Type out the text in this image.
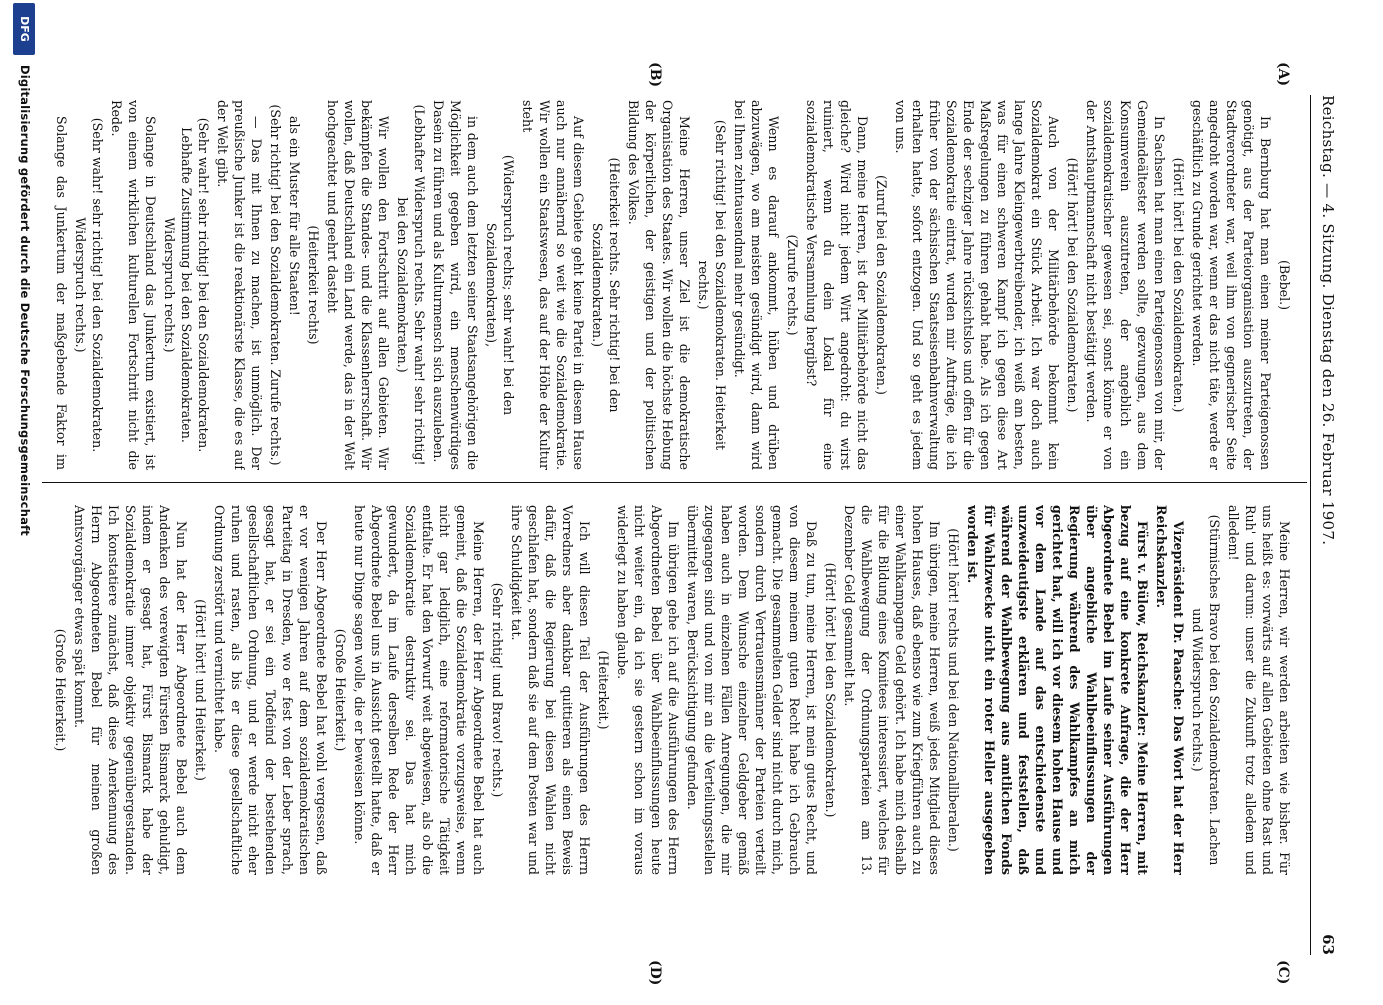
Reichstag. — 4. Sitzung. Dienstag den 26. Februar 1907.
63
(A)
(B)
(C)
(D)

(Bebel.)

In Bernburg hat man einen meiner Parteigenossen genötigt, aus der Parteiorganisation auszutreten, der Stadtverordneter war, weil ihm von gegnerischer Seite angedroht worden war, wenn er das nicht täte, werde er geschäftlich zu Grunde gerichtet werden.

(Hört! hört! bei den Sozialdemokraten.)

In Sachsen hat man einen Parteigenossen von mir, der Gemeindeältester werden sollte, gezwungen, aus dem Konsumverein auszutreten, der angeblich ein sozialdemokratischer gewesen sei, sonst könne er von der Amtshauptmannschaft nicht bestätigt werden.

(Hört! hört! bei den Sozialdemokraten.)

Auch von der Militärbehörde bekommt kein Sozialdemokrat ein Stück Arbeit. Ich war doch auch lange Jahre Kleingewerbtreibender, ich weiß am besten, was für einen schweren Kampf ich gegen diese Art Maßregelungen zu führen gehabt habe. Als ich gegen Ende der sechziger Jahre rücksichtslos und offen für die Sozialdemokratie eintrat, wurden mir Aufträge, die ich früher von der sächsischen Staatseisenbahnverwaltung erhalten hatte, sofort entzogen. Und so geht es jedem von uns.

(Zuruf bei den Sozialdemokraten.)

Dann, meine Herren, ist der Militärbehörde nicht das gleiche? Wird nicht jedem Wirt angedroht: du wirst ruiniert, wenn du dein Lokal für eine sozialdemokratische Versammlung hergibst?

(Zurufe rechts.)

Wenn es darauf ankommt, hüben und drüben abzuwägen, wo am meisten gesündigt wird, dann wird bei Ihnen zehntausendmal mehr gesündigt.

(Sehr richtig! bei den Sozialdemokraten. Heiterkeit rechts.)

Meine Herren, unser Ziel ist die demokratische Organisation des Staates. Wir wollen die höchste Hebung der körperlichen, der geistigen und der politischen Bildung des Volkes.

(Heiterkeit rechts. Sehr richtig! bei den Sozialdemokraten.)

Auf diesem Gebiete geht keine Partei in diesem Hause auch nur annähernd so weit wie die Sozialdemokratie. Wir wollen ein Staatswesen, das auf der Höhe der Kultur steht

(Widerspruch rechts; sehr wahr! bei den Sozialdemokraten),

in dem auch dem letzten seiner Staatsangehörigen die Möglichkeit gegeben wird, ein menschenwürdiges Dasein zu führen und als Kulturmensch sich auszuleben.

(Lebhafter Widerspruch rechts. Sehr wahr! sehr richtig! bei den Sozialdemokraten.)

Wir wollen den Fortschritt auf allen Gebieten. Wir bekämpfen die Standes- und die Klassenherrschaft. Wir wollen, daß Deutschland ein Land werde, das in der Welt hochgeachtet und geehrt dasteht

(Heiterkeit rechts)

als ein Muster für alle Staaten!

(Sehr richtig! bei den Sozialdemokraten. Zurufe rechts.)

— Das mit Ihnen zu machen, ist unmöglich. Der preußische Junker ist die reaktionärste Klasse, die es auf der Welt gibt.

(Sehr wahr! sehr richtig! bei den Sozialdemokraten. Lebhafte Zustimmung bei den Sozialdemokraten. Widerspruch rechts.)

Solange in Deutschland das Junkertum existiert, ist von einem wirklichen kulturellen Fortschritt nicht die Rede.

(Sehr wahr! sehr richtig! bei den Sozialdemokraten. Widerspruch rechts.)

Solange das Junkertum der maßgebende Faktor im

Meine Herren, wir werden arbeiten wie bisher. Für uns heißt es: vorwärts auf allen Gebieten ohne Rast und Ruh' und darum: unser die Zukunft trotz alledem und alledem!

(Stürmisches Bravo bei den Sozialdemokraten. Lachen und Widerspruch rechts.)

Vizepräsident Dr. Paasche: Das Wort hat der Herr Reichskanzler.

Fürst v. Bülow, Reichskanzler: Meine Herren, mit bezug auf eine konkrete Anfrage, die der Herr Abgeordnete Bebel im Laufe seiner Ausführungen über angebliche Wahlbeeinflussungen der Regierung während des Wahlkampfes an mich gerichtet hat, will ich vor diesem hohen Hause und vor dem Lande auf das entschiedenste und unzweideutigste erklären und feststellen, daß während der Wahlbewegung aus amtlichen Fonds für Wahlzwecke nicht ein roter Heller ausgegeben worden ist.

(Hört! hört! rechts und bei den Nationalliberalen.)

Im übrigen, meine Herren, weiß jedes Mitglied dieses hohen Hauses, daß ebenso wie zum Kriegführen auch zu einer Wahlkampagne Geld gehört. Ich habe mich deshalb für die Bildung eines Komitees interessiert, welches für die Wahlbewegung der Ordnungsparteien am 13. Dezember Geld gesammelt hat.

(Hört! hört! bei den Sozialdemokraten.)

Daß zu tun, meine Herren, ist mein gutes Recht, und von diesem meinem guten Recht habe ich Gebrauch gemacht. Die gesammelten Gelder sind nicht durch mich, sondern durch Vertrauensmänner der Parteien verteilt worden. Dem Wunsche einzelner Geldgeber gemäß haben auch in einzelnen Fällen Anregungen, die mir zugegangen sind und von mir an die Verteilungsstellen übermittelt waren, Berücksichtigung gefunden.

Im übrigen gehe ich auf die Ausführungen des Herrn Abgeordneten Bebel über Wahlbeeinflussungen heute nicht weiter ein, da ich sie gestern schon im voraus widerlegt zu haben glaube.

(Heiterkeit.)

Ich will diesen Teil der Ausführungen des Herrn Vorredners aber dankbar quittieren als einen Beweis dafür, daß die Regierung bei diesen Wahlen nicht geschlafen hat, sondern daß sie auf dem Posten war und ihre Schuldigkeit tat.

(Sehr richtig! und Bravo! rechts.)

Meine Herren, der Herr Abgeordnete Bebel hat auch gemeint, daß die Sozialdemokratie vorzugsweise, wenn nicht gar lediglich, eine reformatorische Tätigkeit entfalte. Er hat den Vorwurf weit abgewiesen, als ob die Sozialdemokratie destruktiv sei. Das hat mich gewundert, da im Laufe derselben Rede der Herr Abgeordnete Bebel uns in Aussicht gestellt hatte, daß er heute nur Dinge sagen wolle, die er beweisen könne.

(Große Heiterkeit.)

Der Herr Abgeordnete Bebel hat wohl vergessen, daß er vor wenigen Jahren auf dem sozialdemokratischen Parteitag in Dresden, wo er fest von der Leber sprach, gesagt hat, er sei ein Todfeind der bestehenden gesellschaftlichen Ordnung, und er werde nicht eher ruhen und rasten, als bis er diese gesellschaftliche Ordnung zerstört und vernichtet habe.

(Hört! hört! und Heiterkeit.)

Nun hat der Herr Abgeordnete Bebel auch dem Andenken des verewigten Fürsten Bismarck gehuldigt, indem er gesagt hat, Fürst Bismarck habe der Sozialdemokratie immer objektiv gegenübergestanden. Ich konstatiere zunächst, daß diese Anerkennung des Herrn Abgeordneten Bebel für meinen großen Amtsvorgänger etwas spät kommt.

(Große Heiterkeit.)

DFG
Digitalisierung gefördert durch die Deutsche Forschungsgemeinschaft
